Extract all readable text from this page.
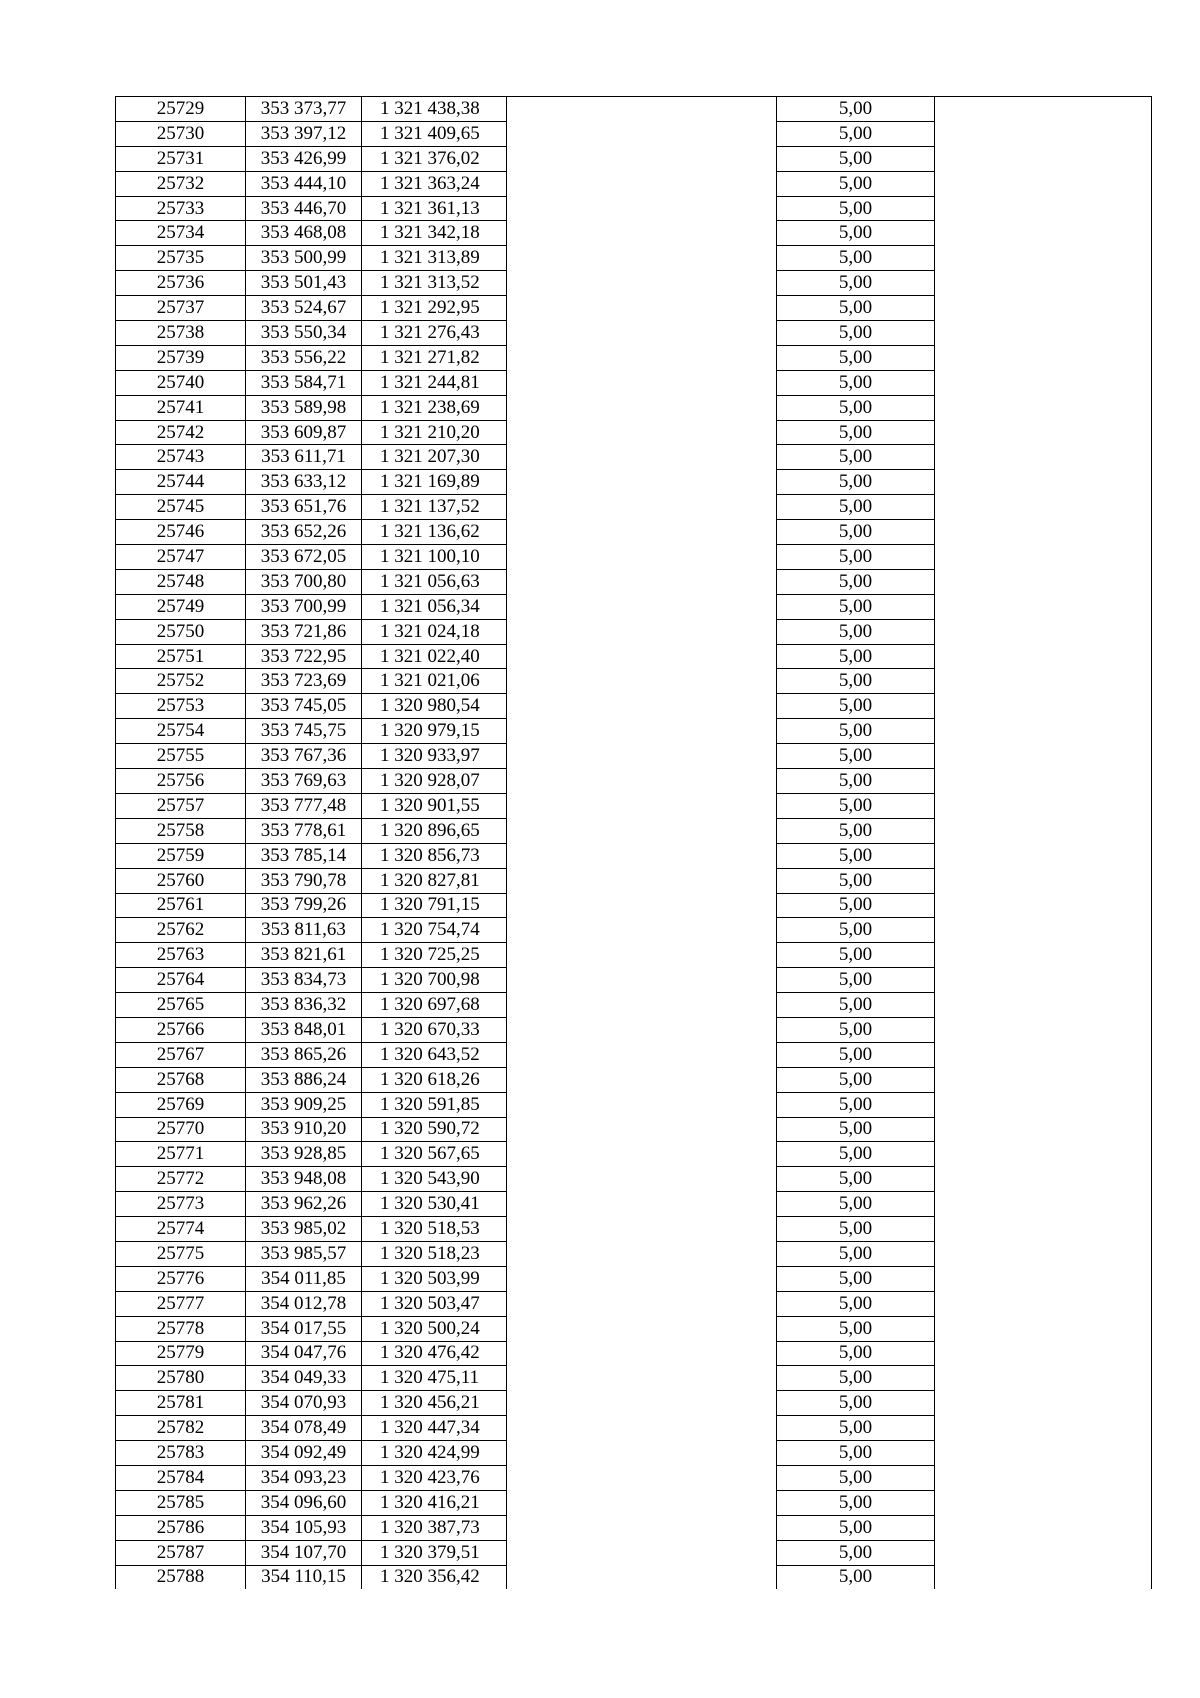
25729	353 373,77	1 321 438,38		5,00	
25730	353 397,12	1 321 409,65		5,00	
25731	353 426,99	1 321 376,02		5,00	
25732	353 444,10	1 321 363,24		5,00	
25733	353 446,70	1 321 361,13		5,00	
25734	353 468,08	1 321 342,18		5,00	
25735	353 500,99	1 321 313,89		5,00	
25736	353 501,43	1 321 313,52		5,00	
25737	353 524,67	1 321 292,95		5,00	
25738	353 550,34	1 321 276,43		5,00	
25739	353 556,22	1 321 271,82		5,00	
25740	353 584,71	1 321 244,81		5,00	
25741	353 589,98	1 321 238,69		5,00	
25742	353 609,87	1 321 210,20		5,00	
25743	353 611,71	1 321 207,30		5,00	
25744	353 633,12	1 321 169,89		5,00	
25745	353 651,76	1 321 137,52		5,00	
25746	353 652,26	1 321 136,62		5,00	
25747	353 672,05	1 321 100,10		5,00	
25748	353 700,80	1 321 056,63		5,00	
25749	353 700,99	1 321 056,34		5,00	
25750	353 721,86	1 321 024,18		5,00	
25751	353 722,95	1 321 022,40		5,00	
25752	353 723,69	1 321 021,06		5,00	
25753	353 745,05	1 320 980,54		5,00	
25754	353 745,75	1 320 979,15		5,00	
25755	353 767,36	1 320 933,97		5,00	
25756	353 769,63	1 320 928,07		5,00	
25757	353 777,48	1 320 901,55		5,00	
25758	353 778,61	1 320 896,65		5,00	
25759	353 785,14	1 320 856,73		5,00	
25760	353 790,78	1 320 827,81		5,00	
25761	353 799,26	1 320 791,15		5,00	
25762	353 811,63	1 320 754,74		5,00	
25763	353 821,61	1 320 725,25		5,00	
25764	353 834,73	1 320 700,98		5,00	
25765	353 836,32	1 320 697,68		5,00	
25766	353 848,01	1 320 670,33		5,00	
25767	353 865,26	1 320 643,52		5,00	
25768	353 886,24	1 320 618,26		5,00	
25769	353 909,25	1 320 591,85		5,00	
25770	353 910,20	1 320 590,72		5,00	
25771	353 928,85	1 320 567,65		5,00	
25772	353 948,08	1 320 543,90		5,00	
25773	353 962,26	1 320 530,41		5,00	
25774	353 985,02	1 320 518,53		5,00	
25775	353 985,57	1 320 518,23		5,00	
25776	354 011,85	1 320 503,99		5,00	
25777	354 012,78	1 320 503,47		5,00	
25778	354 017,55	1 320 500,24		5,00	
25779	354 047,76	1 320 476,42		5,00	
25780	354 049,33	1 320 475,11		5,00	
25781	354 070,93	1 320 456,21		5,00	
25782	354 078,49	1 320 447,34		5,00	
25783	354 092,49	1 320 424,99		5,00	
25784	354 093,23	1 320 423,76		5,00	
25785	354 096,60	1 320 416,21		5,00	
25786	354 105,93	1 320 387,73		5,00	
25787	354 107,70	1 320 379,51		5,00	
25788	354 110,15	1 320 356,42		5,00	
